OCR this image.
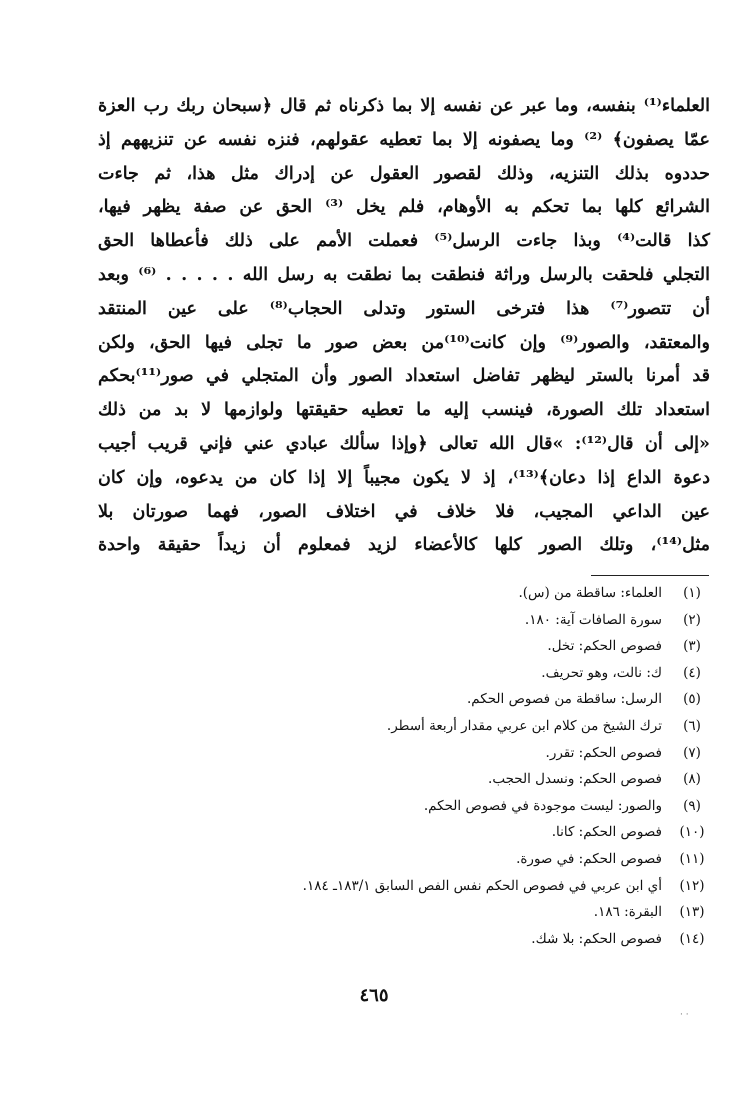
العلماء⁽¹⁾ بنفسه، وما عبر عن نفسه إلا بما ذكرناه ثم قال ﴿سبحان ربك رب العزة
عمّا يصفون﴾ ⁽²⁾ وما يصفونه إلا بما تعطيه عقولهم، فنزه نفسه عن تنزيههم إذ
حددوه بذلك التنزيه، وذلك لقصور العقول عن إدراك مثل هذا، ثم جاءت
الشرائع كلها بما تحكم به الأوهام، فلم يخل ⁽³⁾ الحق عن صفة يظهر فيها،
كذا قالت⁽⁴⁾ وبذا جاءت الرسل⁽⁵⁾ فعملت الأمم على ذلك فأعطاها الحق
التجلي فلحقت بالرسل وراثة فنطقت بما نطقت به رسل الله . . . . . ⁽⁶⁾ وبعد
أن تتصور⁽⁷⁾ هذا فترخى الستور وتدلى الحجاب⁽⁸⁾ على عين المنتقد
والمعتقد، والصور⁽⁹⁾ وإن كانت⁽¹⁰⁾من بعض صور ما تجلى فيها الحق، ولكن
قد أمرنا بالستر ليظهر تفاضل استعداد الصور وأن المتجلي في صور⁽¹¹⁾بحكم
استعداد تلك الصورة، فينسب إليه ما تعطيه حقيقتها ولوازمها لا بد من ذلك
«إلى أن قال⁽¹²⁾: »قال الله تعالى ﴿وإذا سألك عبادي عني فإني قريب أجيب
دعوة الداع إذا دعان﴾⁽¹³⁾، إذ لا يكون مجيباً إلا إذا كان من يدعوه، وإن كان
عين الداعي المجيب، فلا خلاف في اختلاف الصور، فهما صورتان بلا
مثل⁽¹⁴⁾، وتلك الصور كلها كالأعضاء لزيد فمعلوم أن زيداً حقيقة واحدة
(١)
العلماء: ساقطة من (س).
(٢)
سورة الصافات آية: ١٨٠.
(٣)
فصوص الحكم: تخل.
(٤)
ك: نالت، وهو تحريف.
(٥)
الرسل: ساقطة من فصوص الحكم.
(٦)
ترك الشيخ من كلام ابن عربي مقدار أربعة أسطر.
(٧)
فصوص الحكم: تقرر.
(٨)
فصوص الحكم: ونسدل الحجب.
(٩)
والصور: ليست موجودة في فصوص الحكم.
(١٠)
فصوص الحكم: كانا.
(١١)
فصوص الحكم: في صورة.
(١٢)
أي ابن عربي في فصوص الحكم نفس الفص السابق ١٨٣/١ـ ١٨٤.
(١٣)
البقرة: ١٨٦.
(١٤)
فصوص الحكم: بلا شك.
٤٦٥
· ·
